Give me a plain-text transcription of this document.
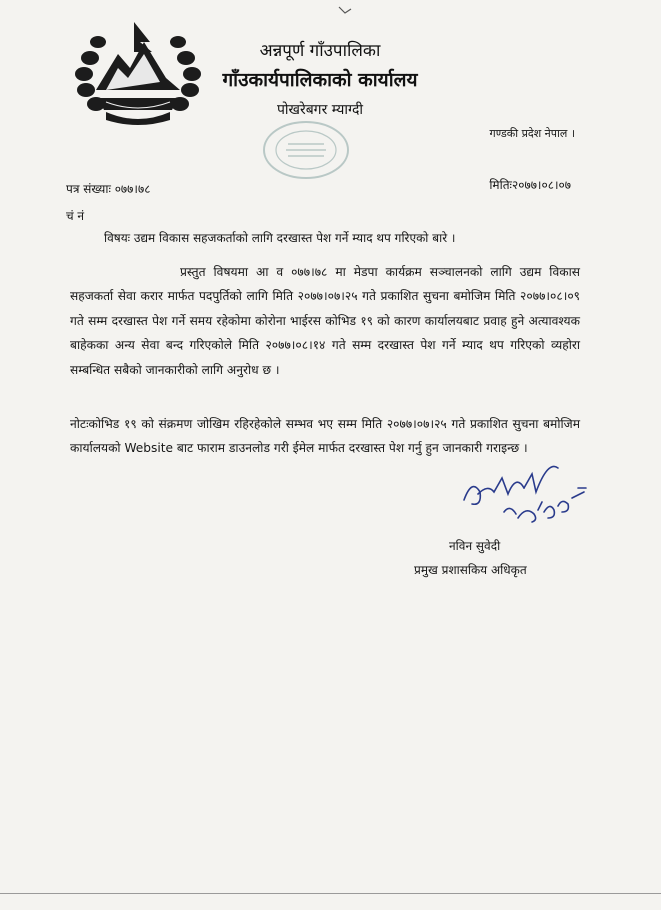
अन्नपूर्ण गाँउपालिका
गाँउकार्यपालिकाको कार्यालय
पोखरेबगर म्याग्दी
गण्डकी प्रदेश नेपाल ।
पत्र संख्याः ०७७।७८	मितिः२०७७।०८।०७
चं नं
विषयः उद्यम विकास सहजकर्ताको लागि दरखास्त पेश गर्ने म्याद थप गरिएको बारे ।
प्रस्तुत विषयमा आ व ०७७।७८ मा मेडपा कार्यक्रम सञ्चालनको लागि उद्यम विकास सहजकर्ता सेवा करार मार्फत पदपुर्तिको लागि मिति २०७७।०७।२५ गते प्रकाशित सुचना बमोजिम मिति २०७७।०८।०९ गते सम्म दरखास्त पेश गर्ने समय रहेकोमा कोरोना भाईरस कोभिड १९ को कारण कार्यालयबाट प्रवाह हुने अत्यावश्यक बाहेकका अन्य सेवा बन्द गरिएकोले मिति २०७७।०८।१४ गते सम्म दरखास्त पेश गर्ने म्याद थप गरिएको व्यहोरा सम्बन्धित सबैको जानकारीको लागि अनुरोध छ ।
नोटःकोभिड १९ को संक्रमण जोखिम रहिरहेकोले सम्भव भए सम्म मिति २०७७।०७।२५ गते प्रकाशित सुचना बमोजिम कार्यालयको Website बाट फाराम डाउनलोड गरी ईमेल मार्फत दरखास्त पेश गर्नु हुन जानकारी गराइन्छ ।
नविन सुवेदी
प्रमुख प्रशासकिय अधिकृत
